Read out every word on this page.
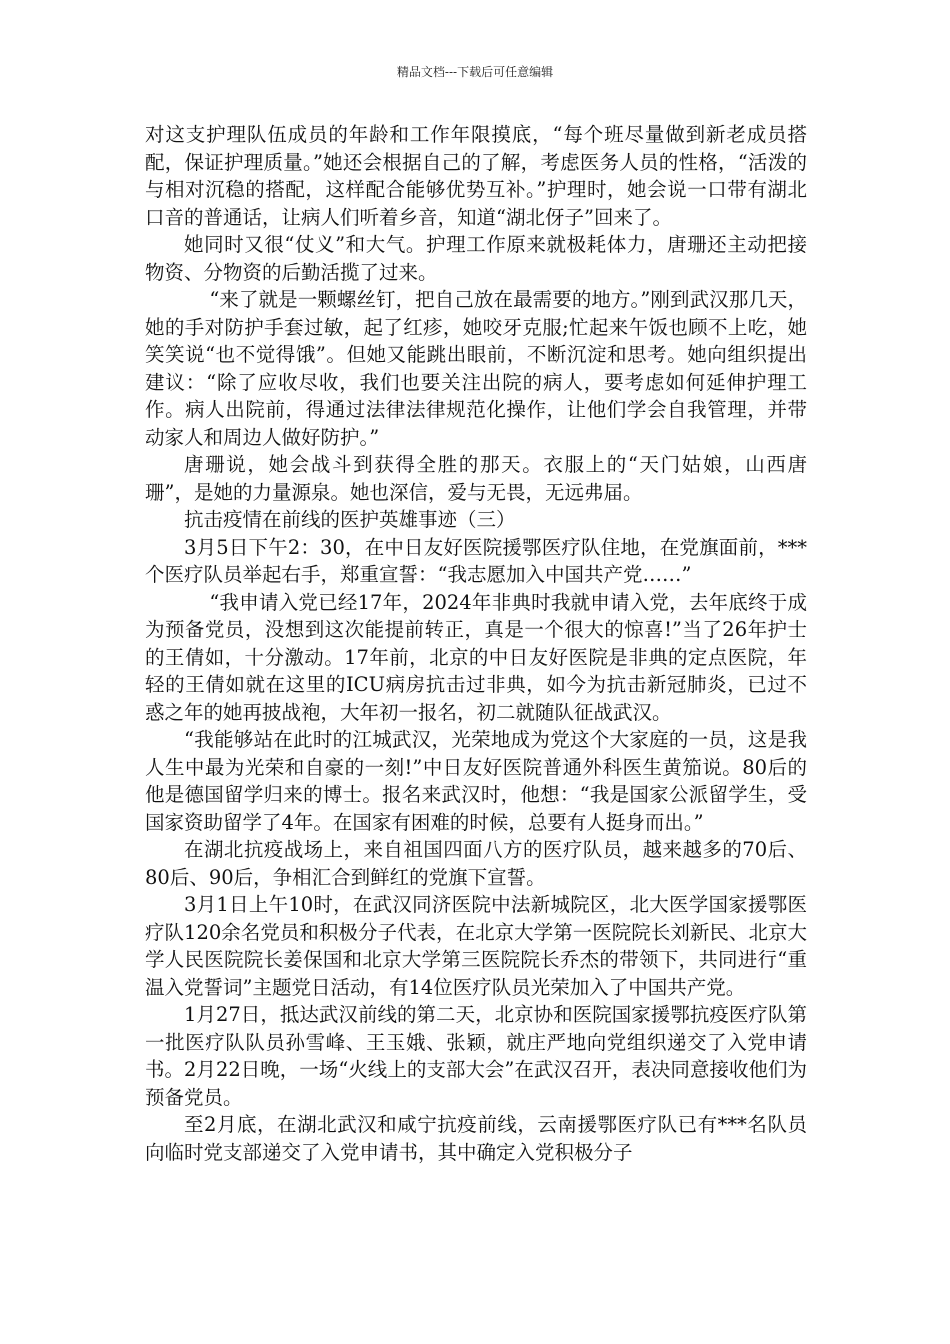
精品文档---下载后可任意编辑

对这支护理队伍成员的年龄和工作年限摸底，“每个班尽量做到新老成员搭配，保证护理质量。”她还会根据自己的了解，考虑医务人员的性格，“活泼的与相对沉稳的搭配，这样配合能够优势互补。”护理时，她会说一口带有湖北口音的普通话，让病人们听着乡音，知道“湖北伢子”回来了。

她同时又很“仗义”和大气。护理工作原来就极耗体力，唐珊还主动把接物资、分物资的后勤活揽了过来。

“来了就是一颗螺丝钉，把自己放在最需要的地方。”刚到武汉那几天，她的手对防护手套过敏，起了红疹，她咬牙克服;忙起来午饭也顾不上吃，她笑笑说“也不觉得饿”。但她又能跳出眼前，不断沉淀和思考。她向组织提出建议：“除了应收尽收，我们也要关注出院的病人，要考虑如何延伸护理工作。病人出院前，得通过法律法律规范化操作，让他们学会自我管理，并带动家人和周边人做好防护。”

唐珊说，她会战斗到获得全胜的那天。衣服上的“天门姑娘，山西唐珊”，是她的力量源泉。她也深信，爱与无畏，无远弗届。

抗击疫情在前线的医护英雄事迹（三）

3月5日下午2：30，在中日友好医院援鄂医疗队住地，在党旗面前，***个医疗队员举起右手，郑重宣誓：“我志愿加入中国共产党……”

“我申请入党已经17年，2024年非典时我就申请入党，去年底终于成为预备党员，没想到这次能提前转正，真是一个很大的惊喜!”当了26年护士的王倩如，十分激动。17年前，北京的中日友好医院是非典的定点医院，年轻的王倩如就在这里的ICU病房抗击过非典，如今为抗击新冠肺炎，已过不惑之年的她再披战袍，大年初一报名，初二就随队征战武汉。

“我能够站在此时的江城武汉，光荣地成为党这个大家庭的一员，这是我人生中最为光荣和自豪的一刻!”中日友好医院普通外科医生黄笳说。80后的他是德国留学归来的博士。报名来武汉时，他想：“我是国家公派留学生，受国家资助留学了4年。在国家有困难的时候，总要有人挺身而出。”

在湖北抗疫战场上，来自祖国四面八方的医疗队员，越来越多的70后、80后、90后，争相汇合到鲜红的党旗下宣誓。

3月1日上午10时，在武汉同济医院中法新城院区，北大医学国家援鄂医疗队120余名党员和积极分子代表，在北京大学第一医院院长刘新民、北京大学人民医院院长姜保国和北京大学第三医院院长乔杰的带领下，共同进行“重温入党誓词”主题党日活动，有14位医疗队员光荣加入了中国共产党。

1月27日，抵达武汉前线的第二天，北京协和医院国家援鄂抗疫医疗队第一批医疗队队员孙雪峰、王玉娥、张颖，就庄严地向党组织递交了入党申请书。2月22日晚，一场“火线上的支部大会”在武汉召开，表决同意接收他们为预备党员。

至2月底，在湖北武汉和咸宁抗疫前线，云南援鄂医疗队已有***名队员向临时党支部递交了入党申请书，其中确定入党积极分子
